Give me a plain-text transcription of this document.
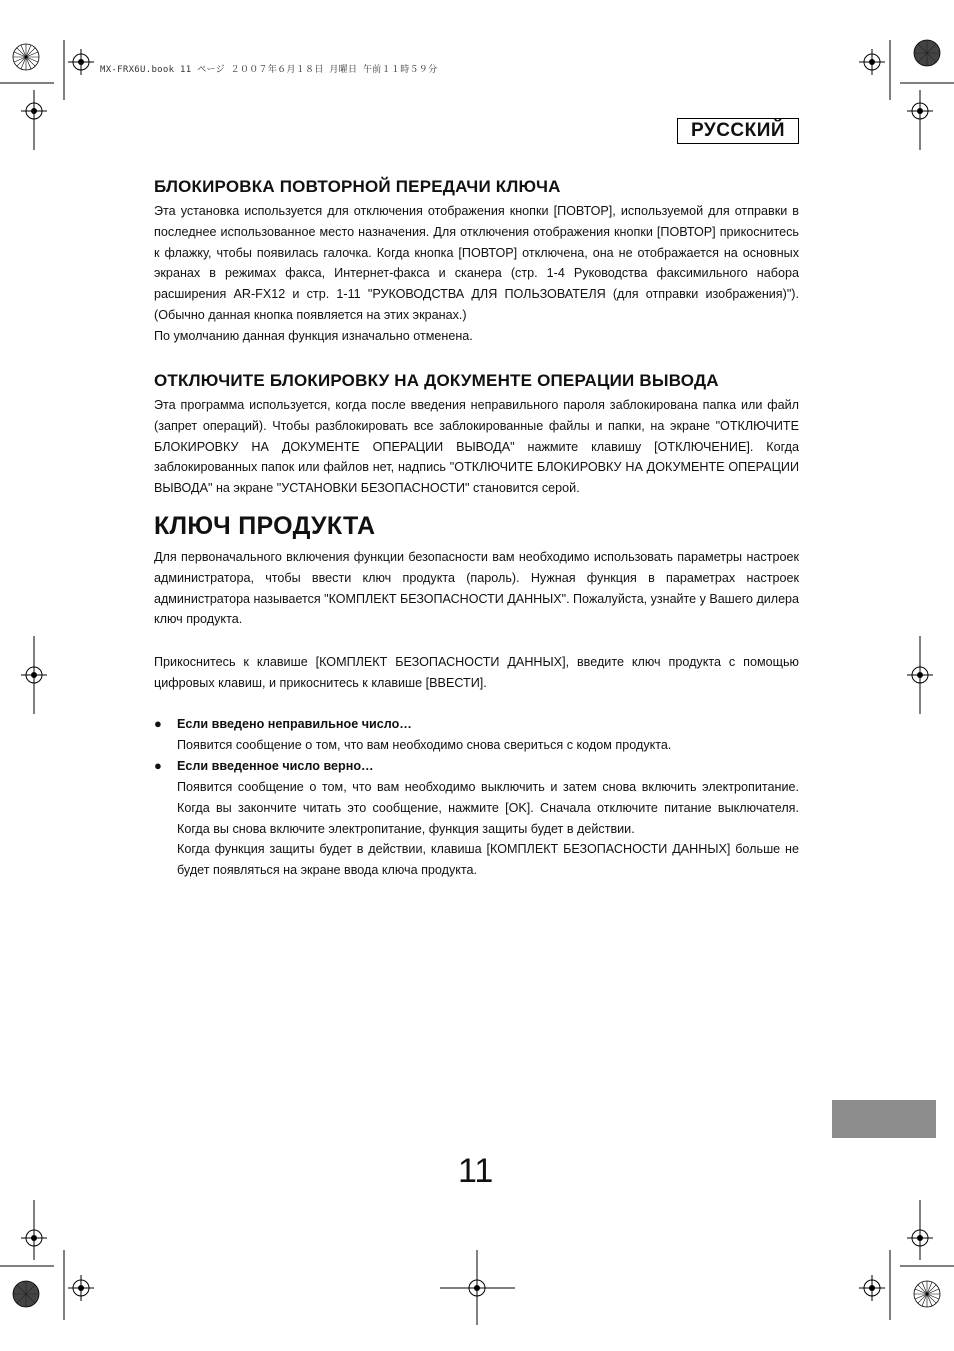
MX-FRX6U.book 11 ページ ２００７年６月１８日 月曜日 午前１１時５９分
РУССКИЙ
БЛОКИРОВКА ПОВТОРНОЙ ПЕРЕДАЧИ КЛЮЧА
Эта установка используется для отключения отображения кнопки [ПОВТОР], используемой для отправки в
последнее использованное место назначения. Для отключения отображения кнопки [ПОВТОР] прикоснитесь
к флажку, чтобы появилась галочка. Когда кнопка [ПОВТОР] отключена, она не отображается на основных
экранах в режимах факса, Интернет-факса и сканера (стр. 1-4 Руководства факсимильного набора
расширения AR-FX12 и стр. 1-11 "РУКОВОДСТВА ДЛЯ ПОЛЬЗОВАТЕЛЯ (для отправки изображения)").
(Обычно данная кнопка появляется на этих экранах.)
По умолчанию данная функция изначально отменена.
ОТКЛЮЧИТЕ БЛОКИРОВКУ НА ДОКУМЕНТЕ ОПЕРАЦИИ ВЫВОДА
Эта программа используется, когда после введения неправильного пароля заблокирована папка или файл
(запрет операций). Чтобы разблокировать все заблокированные файлы и папки, на экране "ОТКЛЮЧИТЕ
БЛОКИРОВКУ НА ДОКУМЕНТЕ ОПЕРАЦИИ ВЫВОДА" нажмите клавишу [ОТКЛЮЧЕНИЕ]. Когда
заблокированных папок или файлов нет, надпись "ОТКЛЮЧИТЕ БЛОКИРОВКУ НА ДОКУМЕНТЕ ОПЕРАЦИИ
ВЫВОДА" на экране "УСТАНОВКИ БЕЗОПАСНОСТИ" становится серой.
КЛЮЧ ПРОДУКТА
Для первоначального включения функции безопасности вам необходимо использовать параметры настроек
администратора, чтобы ввести ключ продукта (пароль). Нужная функция в параметрах настроек
администратора называется "КОМПЛЕКТ БЕЗОПАСНОСТИ ДАННЫХ". Пожалуйста, узнайте у Вашего дилера
ключ продукта.
Прикоснитесь к клавише [КОМПЛЕКТ БЕЗОПАСНОСТИ ДАННЫХ], введите ключ продукта с помощью
цифровых клавиш, и прикоснитесь к клавише [ВВЕСТИ].
● Если введено неправильное число…
Появится сообщение о том, что вам необходимо снова свериться с кодом продукта.
● Если введенное число верно…
Появится сообщение о том, что вам необходимо выключить и затем снова включить электропитание.
Когда вы закончите читать это сообщение, нажмите [OK]. Сначала отключите питание выключателя.
Когда вы снова включите электропитание, функция защиты будет в действии.
Когда функция защиты будет в действии, клавиша [КОМПЛЕКТ БЕЗОПАСНОСТИ ДАННЫХ] больше не
будет появляться на экране ввода ключа продукта.
11
